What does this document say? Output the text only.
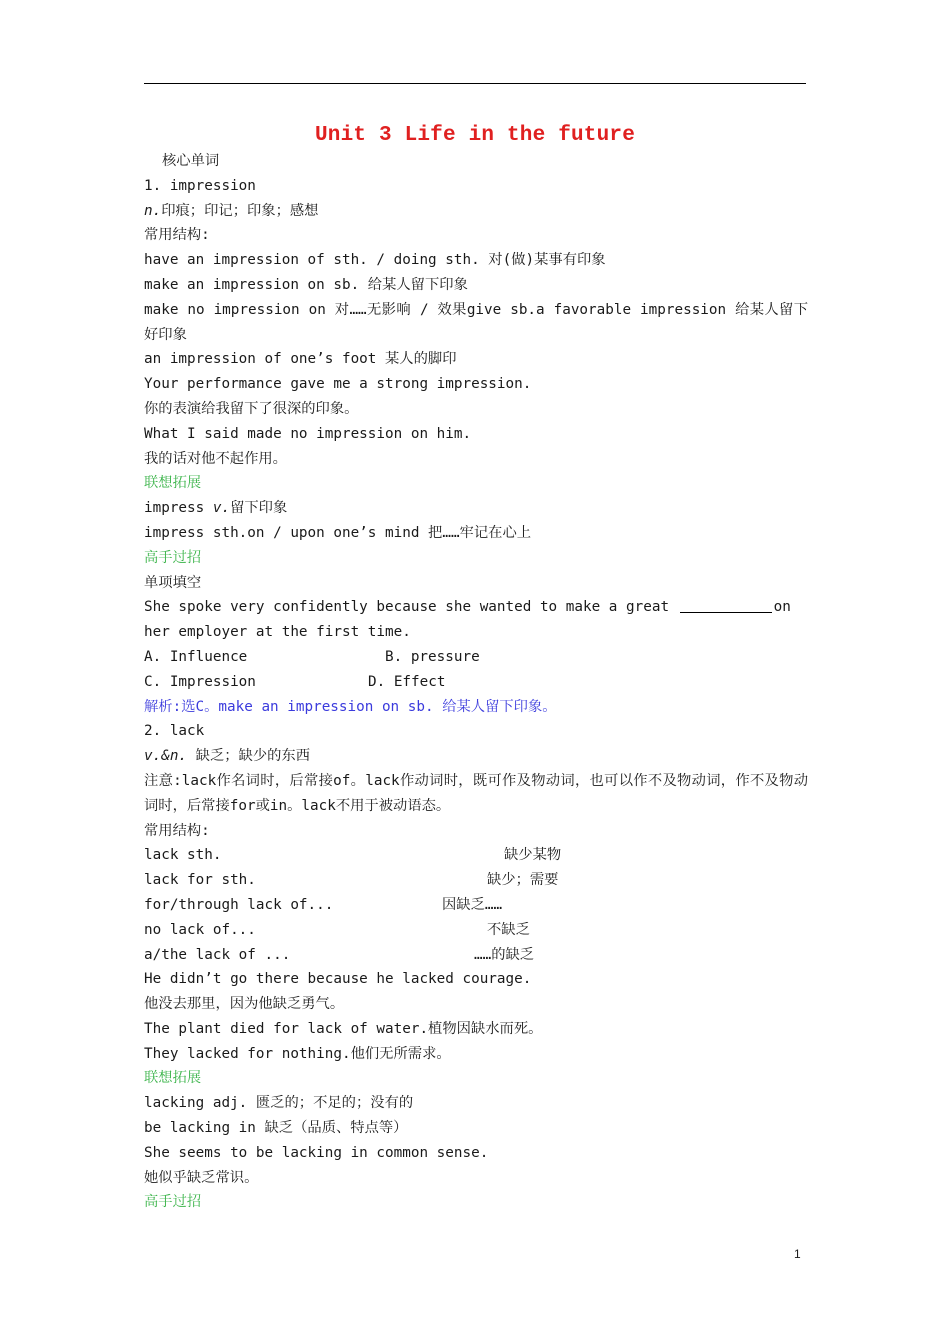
Unit 3 Life in the future
核心单词
1. impression
n.印痕；印记；印象；感想
常用结构:
have an impression of sth. / doing sth. 对(做)某事有印象
make an impression on sb. 给某人留下印象
make no impression on 对……无影响 / 效果give sb.a favorable impression 给某人留下好印象
an impression of one’s foot 某人的脚印
Your performance gave me a strong impression.
你的表演给我留下了很深的印象。
What I said made no impression on him.
我的话对他不起作用。
联想拓展
impress v.留下印象
impress sth.on / upon one’s mind 把……牢记在心上
高手过招
单项填空
She spoke very confidently because she wanted to make a great	on
her employer at the first time.
A. Influence	B. pressure
C. Impression	D. Effect
解析:选C。make an impression on sb. 给某人留下印象。
2. lack
v.&n. 缺乏；缺少的东西
注意:lack作名词时，后常接of。lack作动词时，既可作及物动词，也可以作不及物动词，作不及物动词时，后常接for或in。lack不用于被动语态。
常用结构:
lack sth.	缺少某物
lack for sth.	缺少；需要
for/through lack of...	因缺乏……
no lack of...	不缺乏
a/the lack of ...	……的缺乏
He didn’t go there because he lacked courage.
他没去那里，因为他缺乏勇气。
The plant died for lack of water.植物因缺水而死。
They lacked for nothing.他们无所需求。
联想拓展
lacking adj. 匮乏的；不足的；没有的
be lacking in 缺乏（品质、特点等）
She seems to be lacking in common sense.
她似乎缺乏常识。
高手过招
1
